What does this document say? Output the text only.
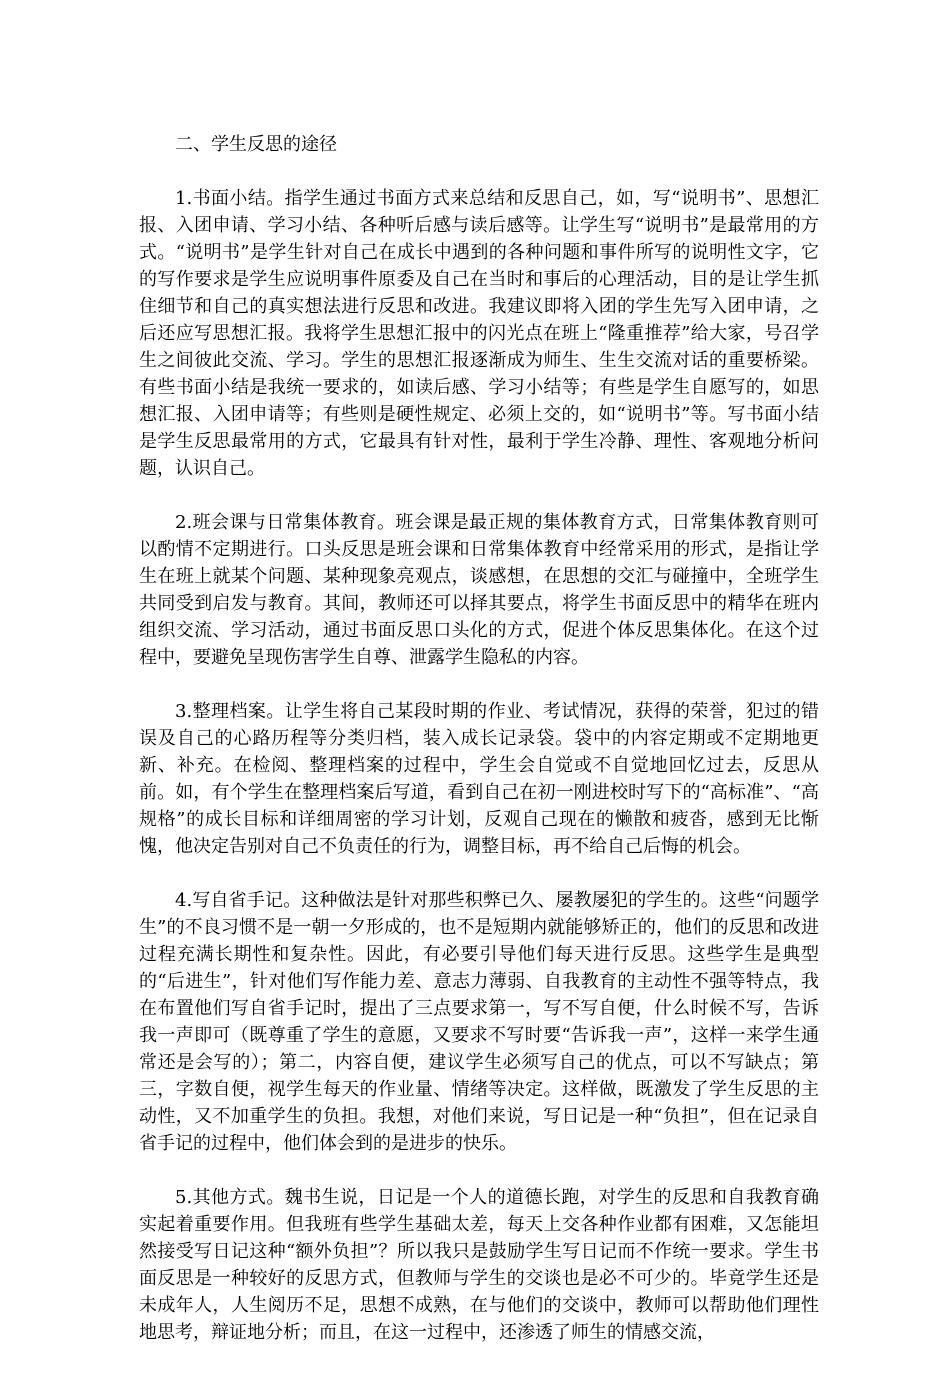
二、学生反思的途径

1.书面小结。指学生通过书面方式来总结和反思自己，如，写“说明书”、思想汇报、入团申请、学习小结、各种听后感与读后感等。让学生写“说明书”是最常用的方式。“说明书”是学生针对自己在成长中遇到的各种问题和事件所写的说明性文字，它的写作要求是学生应说明事件原委及自己在当时和事后的心理活动，目的是让学生抓住细节和自己的真实想法进行反思和改进。我建议即将入团的学生先写入团申请，之后还应写思想汇报。我将学生思想汇报中的闪光点在班上“隆重推荐”给大家，号召学生之间彼此交流、学习。学生的思想汇报逐渐成为师生、生生交流对话的重要桥梁。有些书面小结是我统一要求的，如读后感、学习小结等；有些是学生自愿写的，如思想汇报、入团申请等；有些则是硬性规定、必须上交的，如“说明书”等。写书面小结是学生反思最常用的方式，它最具有针对性，最利于学生冷静、理性、客观地分析问题，认识自己。

2.班会课与日常集体教育。班会课是最正规的集体教育方式，日常集体教育则可以酌情不定期进行。口头反思是班会课和日常集体教育中经常采用的形式，是指让学生在班上就某个问题、某种现象亮观点，谈感想，在思想的交汇与碰撞中，全班学生共同受到启发与教育。其间，教师还可以择其要点，将学生书面反思中的精华在班内组织交流、学习活动，通过书面反思口头化的方式，促进个体反思集体化。在这个过程中，要避免呈现伤害学生自尊、泄露学生隐私的内容。

3.整理档案。让学生将自己某段时期的作业、考试情况，获得的荣誉，犯过的错误及自己的心路历程等分类归档，装入成长记录袋。袋中的内容定期或不定期地更新、补充。在检阅、整理档案的过程中，学生会自觉或不自觉地回忆过去，反思从前。如，有个学生在整理档案后写道，看到自己在初一刚进校时写下的“高标准”、“高规格”的成长目标和详细周密的学习计划，反观自己现在的懒散和疲沓，感到无比惭愧，他决定告别对自己不负责任的行为，调整目标，再不给自己后悔的机会。

4.写自省手记。这种做法是针对那些积弊已久、屡教屡犯的学生的。这些“问题学生”的不良习惯不是一朝一夕形成的，也不是短期内就能够矫正的，他们的反思和改进过程充满长期性和复杂性。因此，有必要引导他们每天进行反思。这些学生是典型的“后进生”，针对他们写作能力差、意志力薄弱、自我教育的主动性不强等特点，我在布置他们写自省手记时，提出了三点要求第一，写不写自便，什么时候不写，告诉我一声即可（既尊重了学生的意愿，又要求不写时要“告诉我一声”，这样一来学生通常还是会写的）；第二，内容自便，建议学生必须写自己的优点，可以不写缺点；第三，字数自便，视学生每天的作业量、情绪等决定。这样做，既激发了学生反思的主动性，又不加重学生的负担。我想，对他们来说，写日记是一种“负担”，但在记录自省手记的过程中，他们体会到的是进步的快乐。

5.其他方式。魏书生说，日记是一个人的道德长跑，对学生的反思和自我教育确实起着重要作用。但我班有些学生基础太差，每天上交各种作业都有困难，又怎能坦然接受写日记这种“额外负担”？所以我只是鼓励学生写日记而不作统一要求。学生书面反思是一种较好的反思方式，但教师与学生的交谈也是必不可少的。毕竟学生还是未成年人，人生阅历不足，思想不成熟，在与他们的交谈中，教师可以帮助他们理性地思考，辩证地分析；而且，在这一过程中，还渗透了师生的情感交流，
